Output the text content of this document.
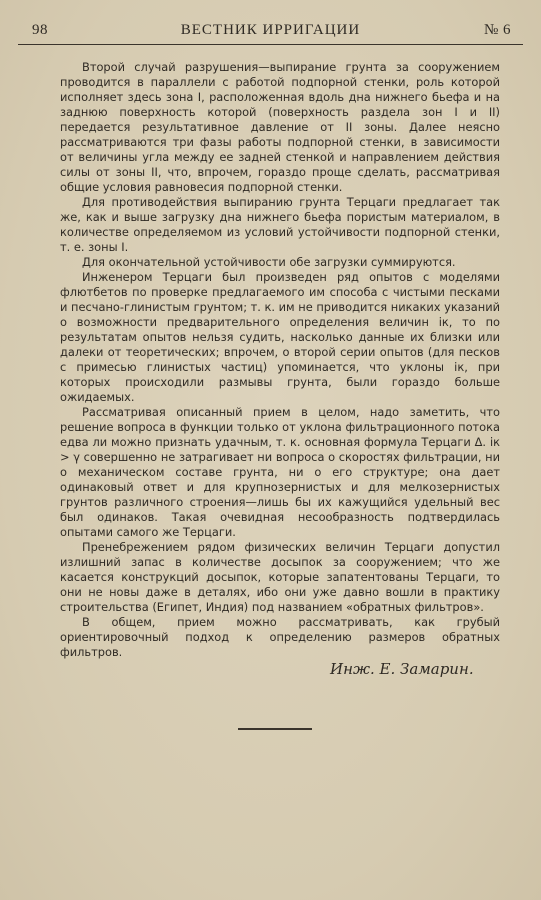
98	ВЕСТНИК ИРРИГАЦИИ	№ 6

Второй случай разрушения—выпирание грунта за сооружением проводится в параллели с работой подпорной стенки, роль которой исполняет здесь зона I, расположенная вдоль дна нижнего бьефа и на заднюю поверхность которой (поверхность раздела зон I и II) передается результативное давление от II зоны. Далее неясно рассматриваются три фазы работы подпорной стенки, в зависимости от величины угла между ее задней стенкой и направлением действия силы от зоны II, что, впрочем, гораздо проще сделать, рассматривая общие условия равновесия подпорной стенки.

Для противодействия выпиранию грунта Терцаги предлагает так же, как и выше загрузку дна нижнего бьефа пористым материалом, в количестве определяемом из условий устойчивости подпорной стенки, т. е. зоны I.

Для окончательной устойчивости обе загрузки суммируются.

Инженером Терцаги был произведен ряд опытов с моделями флютбетов по проверке предлагаемого им способа с чистыми песками и песчано-глинистым грунтом; т. к. им не приводится никаких указаний о возможности предварительного определения величин iк, то по результатам опытов нельзя судить, насколько данные их близки или далеки от теоретических; впрочем, о второй серии опытов (для песков с примесью глинистых частиц) упоминается, что уклоны iк, при которых происходили размывы грунта, были гораздо больше ожидаемых.

Рассматривая описанный прием в целом, надо заметить, что решение вопроса в функции только от уклона фильтрационного потока едва ли можно признать удачным, т. к. основная формула Терцаги Δ. iк > γ совершенно не затрагивает ни вопроса о скоростях фильтрации, ни о механическом составе грунта, ни о его структуре; она дает одинаковый ответ и для крупнозернистых и для мелкозернистых грунтов различного строения—лишь бы их кажущийся удельный вес был одинаков. Такая очевидная несообразность подтвердилась опытами самого же Терцаги.

Пренебрежением рядом физических величин Терцаги допустил излишний запас в количестве досыпок за сооружением; что же касается конструкций досыпок, которые запатентованы Терцаги, то они не новы даже в деталях, ибо они уже давно вошли в практику строительства (Египет, Индия) под названием «обратных фильтров».

В общем, прием можно рассматривать, как грубый ориентировочный подход к определению размеров обратных фильтров.

Инж. Е. Замарин.
